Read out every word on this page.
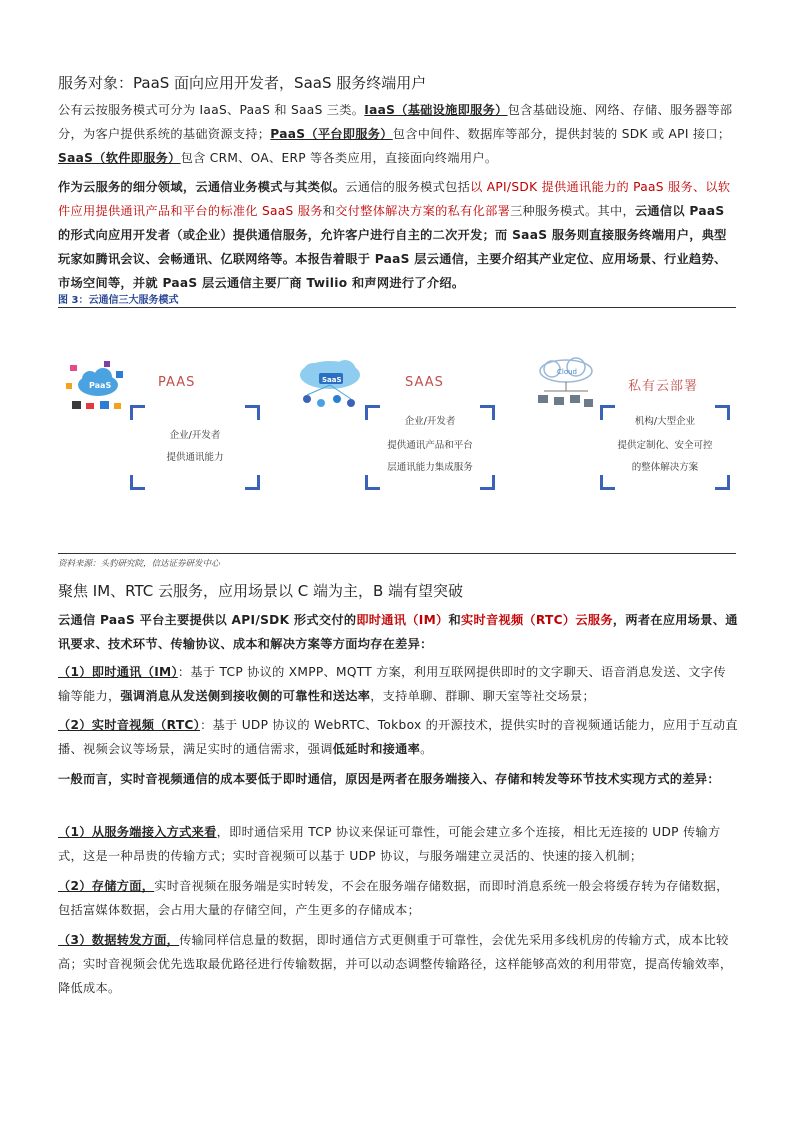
服务对象：PaaS 面向应用开发者，SaaS 服务终端用户
公有云按服务模式可分为 IaaS、PaaS 和 SaaS 三类。IaaS（基础设施即服务）包含基础设施、网络、存储、服务器等部分，为客户提供系统的基础资源支持；PaaS（平台即服务）包含中间件、数据库等部分，提供封装的 SDK 或 API 接口；SaaS（软件即服务）包含 CRM、OA、ERP 等各类应用，直接面向终端用户。
作为云服务的细分领域，云通信业务模式与其类似。云通信的服务模式包括以 API/SDK 提供通讯能力的 PaaS 服务、以软件应用提供通讯产品和平台的标准化 SaaS 服务和交付整体解决方案的私有化部署三种服务模式。其中，云通信以 PaaS 的形式向应用开发者（或企业）提供通信服务，允许客户进行自主的二次开发；而 SaaS 服务则直接服务终端用户，典型玩家如腾讯会议、会畅通讯、亿联网络等。本报告着眼于 PaaS 层云通信，主要介绍其产业定位、应用场景、行业趋势、市场空间等，并就 PaaS 层云通信主要厂商 Twilio 和声网进行了介绍。
图 3：云通信三大服务模式
PaaS	PAAS
企业/开发者
提供通讯能力
SaaS	SAAS
企业/开发者
提供通讯产品和平台
层通讯能力集成服务
Cloud
私有云部署
机构/大型企业
提供定制化、安全可控
的整体解决方案
资料来源：头豹研究院，信达证券研发中心
聚焦 IM、RTC 云服务，应用场景以 C 端为主，B 端有望突破
云通信 PaaS 平台主要提供以 API/SDK 形式交付的即时通讯（IM）和实时音视频（RTC）云服务，两者在应用场景、通讯要求、技术环节、传输协议、成本和解决方案等方面均存在差异：
（1）即时通讯（IM）：基于 TCP 协议的 XMPP、MQTT 方案，利用互联网提供即时的文字聊天、语音消息发送、文字传输等能力，强调消息从发送侧到接收侧的可靠性和送达率，支持单聊、群聊、聊天室等社交场景；
（2）实时音视频（RTC）：基于 UDP 协议的 WebRTC、Tokbox 的开源技术，提供实时的音视频通话能力，应用于互动直播、视频会议等场景，满足实时的通信需求，强调低延时和接通率。
一般而言，实时音视频通信的成本要低于即时通信，原因是两者在服务端接入、存储和转发等环节技术实现方式的差异：
（1）从服务端接入方式来看，即时通信采用 TCP 协议来保证可靠性，可能会建立多个连接，相比无连接的 UDP 传输方式，这是一种昂贵的传输方式；实时音视频可以基于 UDP 协议，与服务端建立灵活的、快速的接入机制；
（2）存储方面，实时音视频在服务端是实时转发，不会在服务端存储数据，而即时消息系统一般会将缓存转为存储数据，包括富媒体数据，会占用大量的存储空间，产生更多的存储成本；
（3）数据转发方面，传输同样信息量的数据，即时通信方式更侧重于可靠性，会优先采用多线机房的传输方式，成本比较高；实时音视频会优先选取最优路径进行传输数据，并可以动态调整传输路径，这样能够高效的利用带宽，提高传输效率，降低成本。
